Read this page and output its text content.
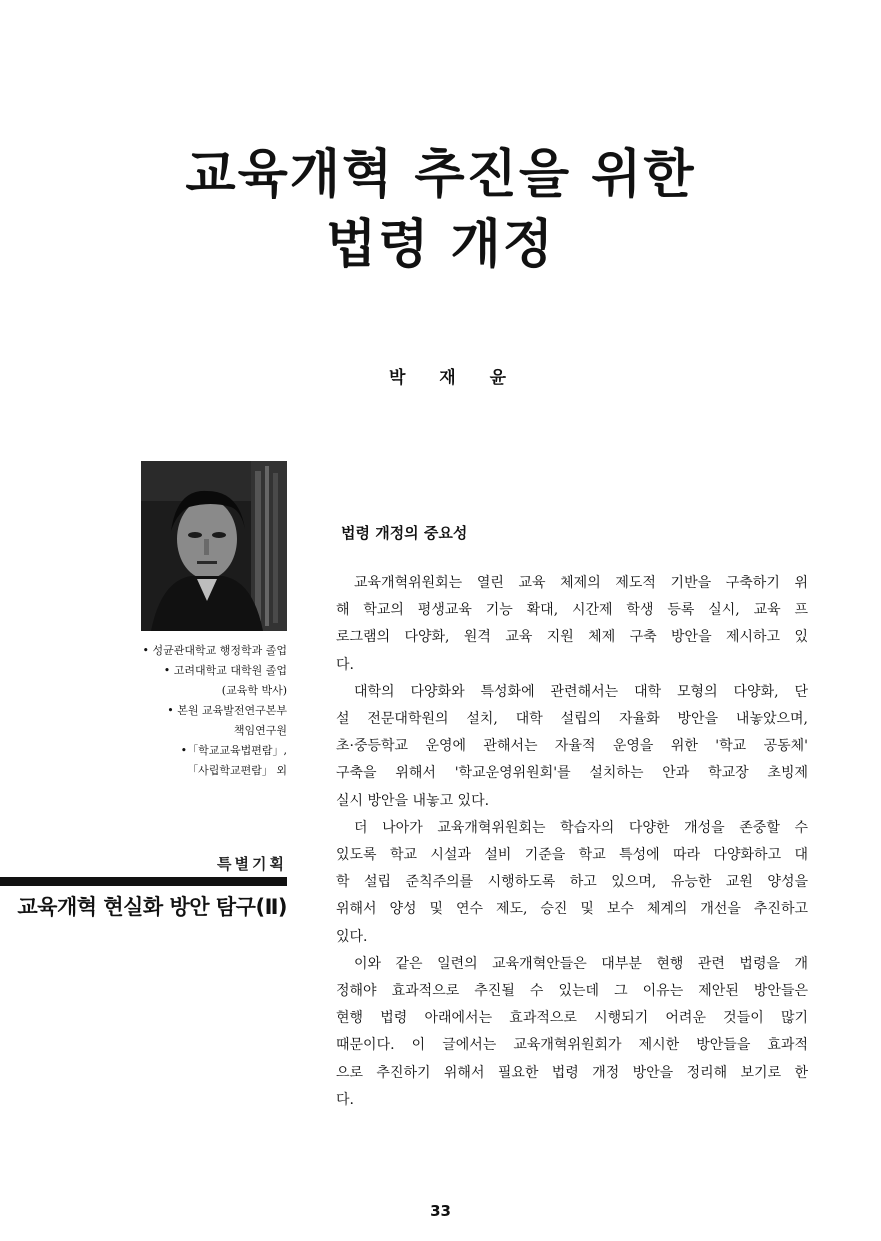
교육개혁 추진을 위한
법령 개정
박 재 윤
• 성균관대학교 행정학과 졸업
• 고려대학교 대학원 졸업
(교육학 박사)
• 본원 교육발전연구본부
책임연구원
•「학교교육법편람」,
「사립학교편람」 외
특별기획
교육개혁 현실화 방안 탐구(Ⅱ)
법령 개정의 중요성
교육개혁위원회는 열린 교육 체제의 제도적 기반을 구축하기 위
해 학교의 평생교육 기능 확대, 시간제 학생 등록 실시, 교육 프
로그램의 다양화, 원격 교육 지원 체제 구축 방안을 제시하고 있
다.
대학의 다양화와 특성화에 관련해서는 대학 모형의 다양화, 단
설 전문대학원의 설치, 대학 설립의 자율화 방안을 내놓았으며,
초·중등학교 운영에 관해서는 자율적 운영을 위한 '학교 공동체'
구축을 위해서 '학교운영위원회'를 설치하는 안과 학교장 초빙제
실시 방안을 내놓고 있다.
더 나아가 교육개혁위원회는 학습자의 다양한 개성을 존중할 수
있도록 학교 시설과 설비 기준을 학교 특성에 따라 다양화하고 대
학 설립 준칙주의를 시행하도록 하고 있으며, 유능한 교원 양성을
위해서 양성 및 연수 제도, 승진 및 보수 체계의 개선을 추진하고
있다.
이와 같은 일련의 교육개혁안들은 대부분 현행 관련 법령을 개
정해야 효과적으로 추진될 수 있는데 그 이유는 제안된 방안들은
현행 법령 아래에서는 효과적으로 시행되기 어려운 것들이 많기
때문이다. 이 글에서는 교육개혁위원회가 제시한 방안들을 효과적
으로 추진하기 위해서 필요한 법령 개정 방안을 정리해 보기로 한
다.
33
